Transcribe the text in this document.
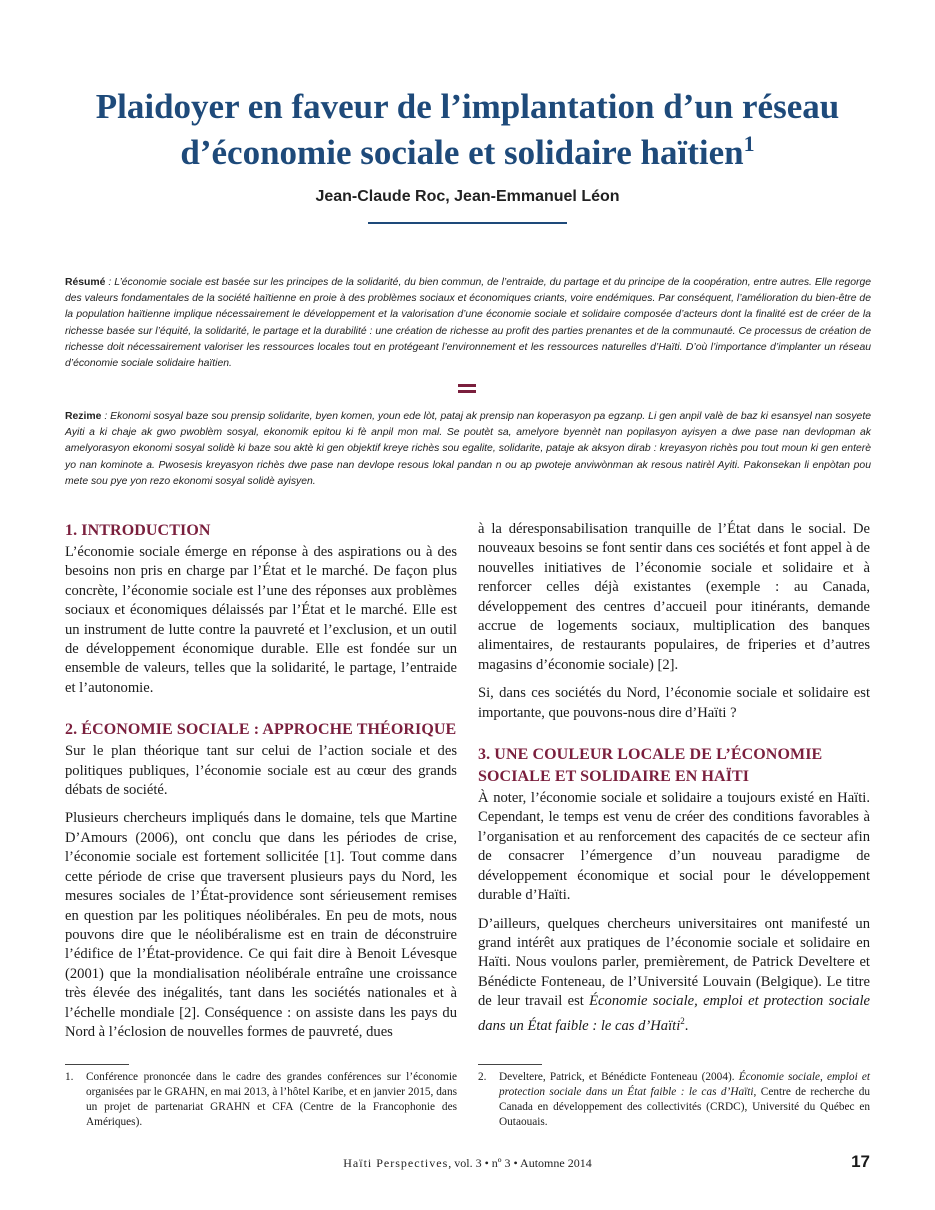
Plaidoyer en faveur de l’implantation d’un réseau d’économie sociale et solidaire haïtien$^1$
Jean-Claude Roc, Jean-Emmanuel Léon

Résumé : L’économie sociale est basée sur les principes de la solidarité, du bien commun, de l’entraide, du partage et du principe de la coopération, entre autres. Elle regorge des valeurs fondamentales de la société haïtienne en proie à des problèmes sociaux et économiques criants, voire endémiques. Par conséquent, l’amélioration du bien-être de la population haïtienne implique nécessairement le développement et la valorisation d’une économie sociale et solidaire composée d’acteurs dont la finalité est de créer de la richesse basée sur l’équité, la solidarité, le partage et la durabilité : une création de richesse au profit des parties prenantes et de la communauté. Ce processus de création de richesse doit nécessairement valoriser les ressources locales tout en protégeant l’environnement et les ressources naturelles d’Haïti. D’où l’importance d’implanter un réseau d’économie sociale solidaire haïtien.

Rezime : Ekonomi sosyal baze sou prensip solidarite, byen komen, youn ede lòt, pataj ak prensip nan koperasyon pa egzanp. Li gen anpil valè de baz ki esansyel nan sosyete Ayiti a ki chaje ak gwo pwoblèm sosyal, ekonomik epitou ki fè anpil mon mal. Se poutèt sa, amelyore byennèt nan popilasyon ayisyen a dwe pase nan devlopman ak amelyorasyon ekonomi sosyal solidè ki baze sou aktè ki gen objektif kreye richès sou egalite, solidarite, pataje ak aksyon dirab : kreyasyon richès pou tout moun ki gen enterè yo nan kominote a. Pwosesis kreyasyon richès dwe pase nan devlope resous lokal pandan n ou ap pwoteje anviwònman ak resous natirèl Ayiti. Pakonsekan li enpòtan pou mete sou pye yon rezo ekonomi sosyal solidè ayisyen.

1. INTRODUCTION

L’économie sociale émerge en réponse à des aspirations ou à des besoins non pris en charge par l’État et le marché. De façon plus concrète, l’économie sociale est l’une des réponses aux problèmes sociaux et économiques délaissés par l’État et le marché. Elle est un instrument de lutte contre la pauvreté et l’exclusion, et un outil de développement économique durable. Elle est fondée sur un ensemble de valeurs, telles que la solidarité, le partage, l’entraide et l’autonomie.

2. ÉCONOMIE SOCIALE : APPROCHE THÉORIQUE

Sur le plan théorique tant sur celui de l’action sociale et des politiques publiques, l’économie sociale est au cœur des grands débats de société.

Plusieurs chercheurs impliqués dans le domaine, tels que Martine D’Amours (2006), ont conclu que dans les périodes de crise, l’économie sociale est fortement sollicitée [1]. Tout comme dans cette période de crise que traversent plusieurs pays du Nord, les mesures sociales de l’État-providence sont sérieusement remises en question par les politiques néolibérales. En peu de mots, nous pouvons dire que le néolibéralisme est en train de déconstruire l’édifice de l’État-providence. Ce qui fait dire à Benoit Lévesque (2001) que la mondialisation néolibérale entraîne une croissance très élevée des inégalités, tant dans les sociétés nationales et à l’échelle mondiale [2]. Conséquence : on assiste dans les pays du Nord à l’éclosion de nouvelles formes de pauvreté, dues

à la déresponsabilisation tranquille de l’État dans le social. De nouveaux besoins se font sentir dans ces sociétés et font appel à de nouvelles initiatives de l’économie sociale et solidaire et à renforcer celles déjà existantes (exemple : au Canada, développement des centres d’accueil pour itinérants, demande accrue de logements sociaux, multiplication des banques alimentaires, de restaurants populaires, de friperies et d’autres magasins d’économie sociale) [2].

Si, dans ces sociétés du Nord, l’économie sociale et solidaire est importante, que pouvons-nous dire d’Haïti ?

3. UNE COULEUR LOCALE DE L’ÉCONOMIE SOCIALE ET SOLIDAIRE EN HAÏTI

À noter, l’économie sociale et solidaire a toujours existé en Haïti. Cependant, le temps est venu de créer des conditions favorables à l’organisation et au renforcement des capacités de ce secteur afin de consacrer l’émergence d’un nouveau paradigme de développement économique et social pour le développement durable d’Haïti.

D’ailleurs, quelques chercheurs universitaires ont manifesté un grand intérêt aux pratiques de l’économie sociale et solidaire en Haïti. Nous voulons parler, premièrement, de Patrick Develtere et Bénédicte Fonteneau, de l’Université Louvain (Belgique). Le titre de leur travail est Économie sociale, emploi et protection sociale dans un État faible : le cas d’Haïti$^2$.

1.	Conférence prononcée dans le cadre des grandes conférences sur l’économie organisées par le GRAHN, en mai 2013, à l’hôtel Karibe, et en janvier 2015, dans un projet de partenariat GRAHN et CFA (Centre de la Francophonie des Amériques).
2.	Develtere, Patrick, et Bénédicte Fonteneau (2004). Économie sociale, emploi et protection sociale dans un État faible : le cas d’Haïti, Centre de recherche du Canada en développement des collectivités (CRDC), Université du Québec en Outaouais.
Haïti Perspectives, vol. 3 • nº 3 • Automne 2014	17
